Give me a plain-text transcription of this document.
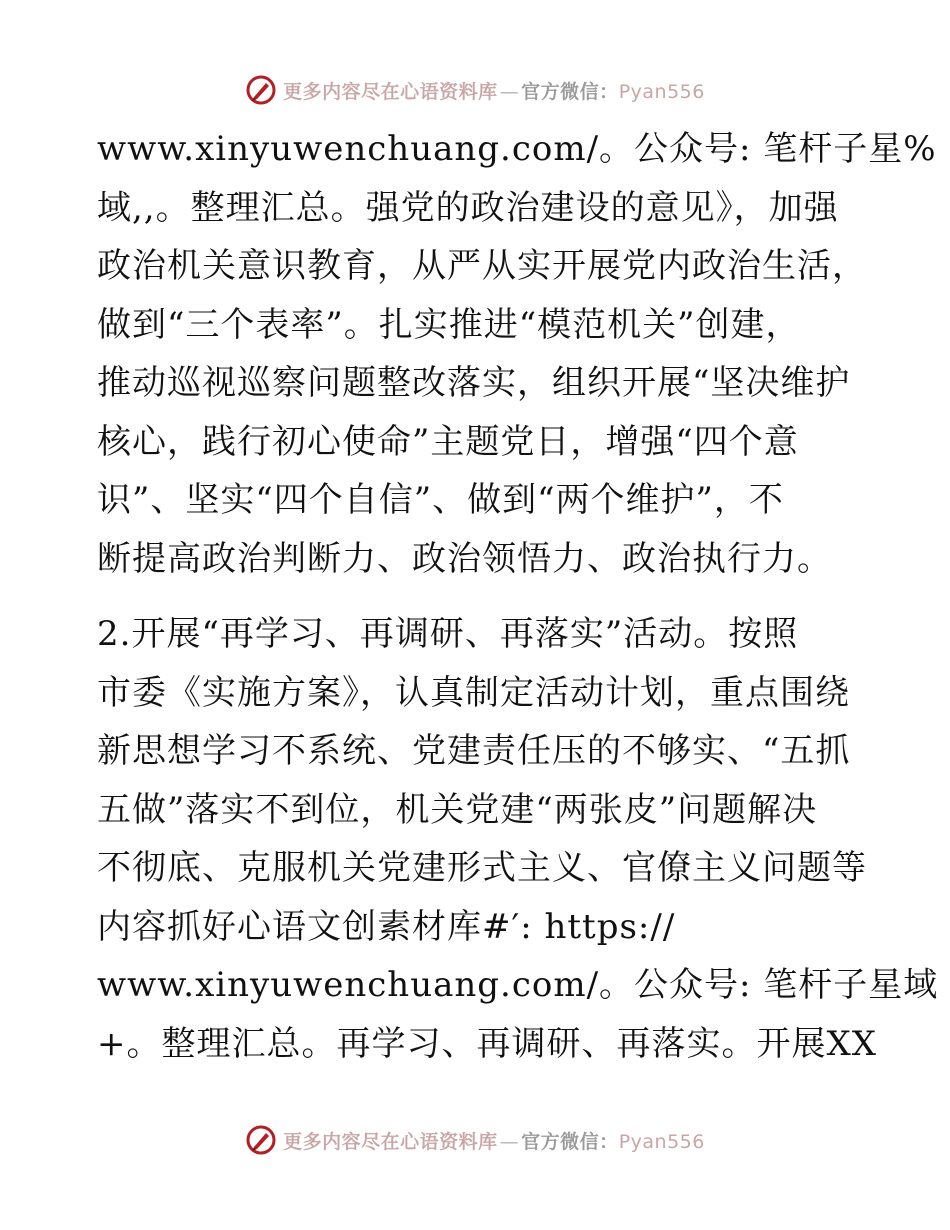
更多内容尽在心语资料库 — 官方微信：Pyan556
www.xinyuwenchuang.com/。公众号: 笔杆子星%
域,,。整理汇总。强党的政治建设的意见》，加强
政治机关意识教育，从严从实开展党内政治生活，
做到“三个表率”。扎实推进“模范机关”创建，
推动巡视巡察问题整改落实，组织开展“坚决维护
核心，践行初心使命”主题党日，增强“四个意
识”、坚实“四个自信”、做到“两个维护”，不
断提高政治判断力、政治领悟力、政治执行力。
2.开展“再学习、再调研、再落实”活动。按照
市委《实施方案》，认真制定活动计划，重点围绕
新思想学习不系统、党建责任压的不够实、“五抓
五做”落实不到位，机关党建“两张皮”问题解决
不彻底、克服机关党建形式主义、官僚主义问题等
内容抓好心语文创素材库#′: https://
www.xinyuwenchuang.com/。公众号: 笔杆子星域
+。整理汇总。再学习、再调研、再落实。开展XX
更多内容尽在心语资料库 — 官方微信：Pyan556
